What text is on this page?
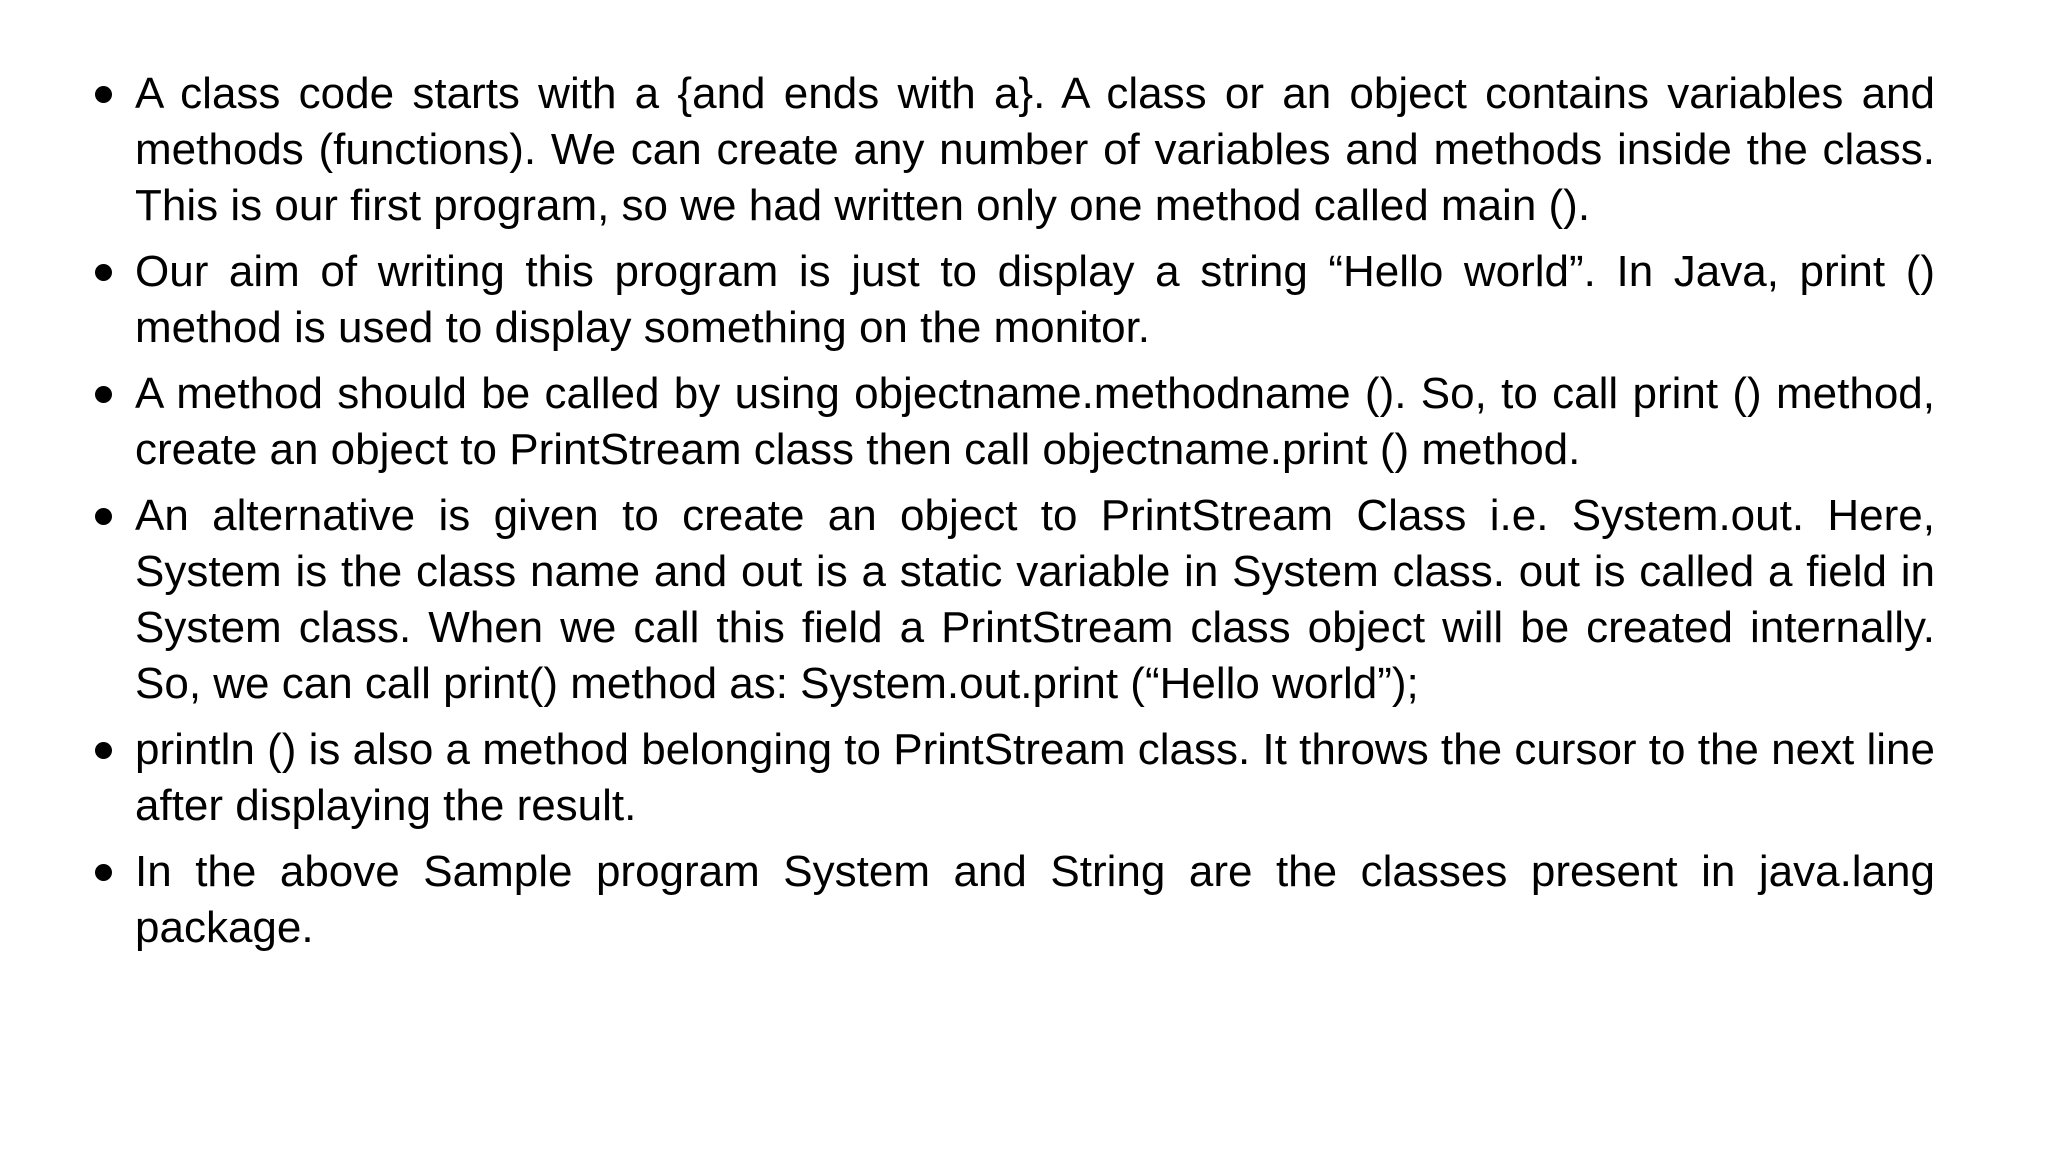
A class code starts with a {and ends with a}. A class or an object contains variables and methods (functions). We can create any number of variables and methods inside the class. This is our first program, so we had written only one method called main ().
Our aim of writing this program is just to display a string “Hello world”. In Java, print () method is used to display something on the monitor.
A method should be called by using objectname.methodname (). So, to call print () method, create an object to PrintStream class then call objectname.print () method.
An alternative is given to create an object to PrintStream Class i.e. System.out. Here, System is the class name and out is a static variable in System class. out is called a field in System class. When we call this field a PrintStream class object will be created internally. So, we can call print() method as: System.out.print (“Hello world”);
println () is also a method belonging to PrintStream class. It throws the cursor to the next line after displaying the result.
In the above Sample program System and String are the classes present in java.lang package.
